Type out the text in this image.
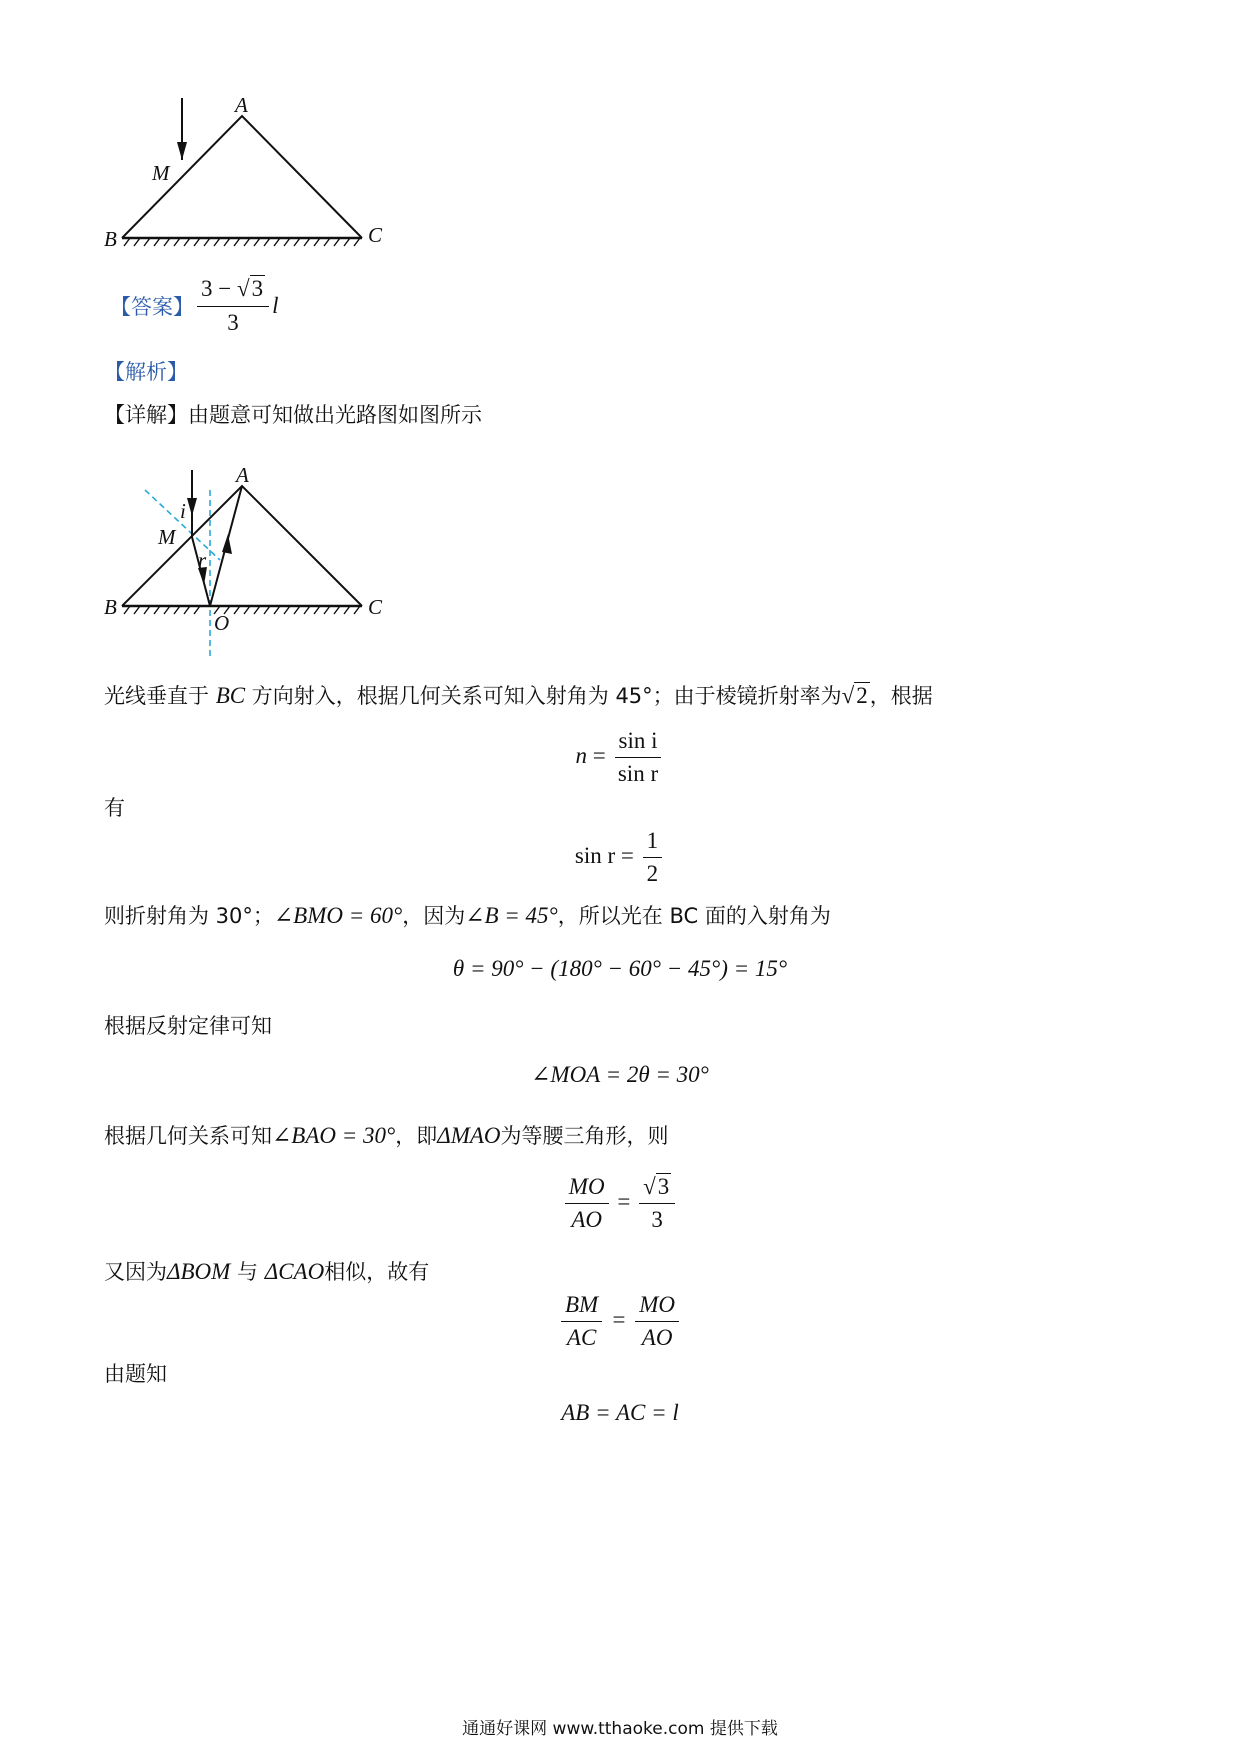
A
M
B	C
【答案】 $\frac{3 - √3}{3}$ l
【解析】
【详解】由题意可知做出光路图如图所示
A
i
M
r
B
O
C
光线垂直于 BC 方向射入，根据几何关系可知入射角为 45°；由于棱镜折射率为√2，根据
$n = \frac{\text{sin i}}{\text{sin r}}$
有
$\sin r = \frac{1}{2}$
则折射角为 30°；∠BMO = 60°，因为∠B = 45°，所以光在 BC 面的入射角为
θ = 90° − (180° − 60° − 45°) = 15°
根据反射定律可知
∠MOA = 2θ = 30°
根据几何关系可知∠BAO = 30°，即ΔMAO为等腰三角形，则
$\frac{MO}{AO} = \frac{√3}{3}$
又因为ΔBOM 与 ΔCAO相似，故有
$\frac{BM}{AC} = \frac{MO}{AO}$
由题知
AB = AC = l
通通好课网 www.tthaoke.com 提供下载
